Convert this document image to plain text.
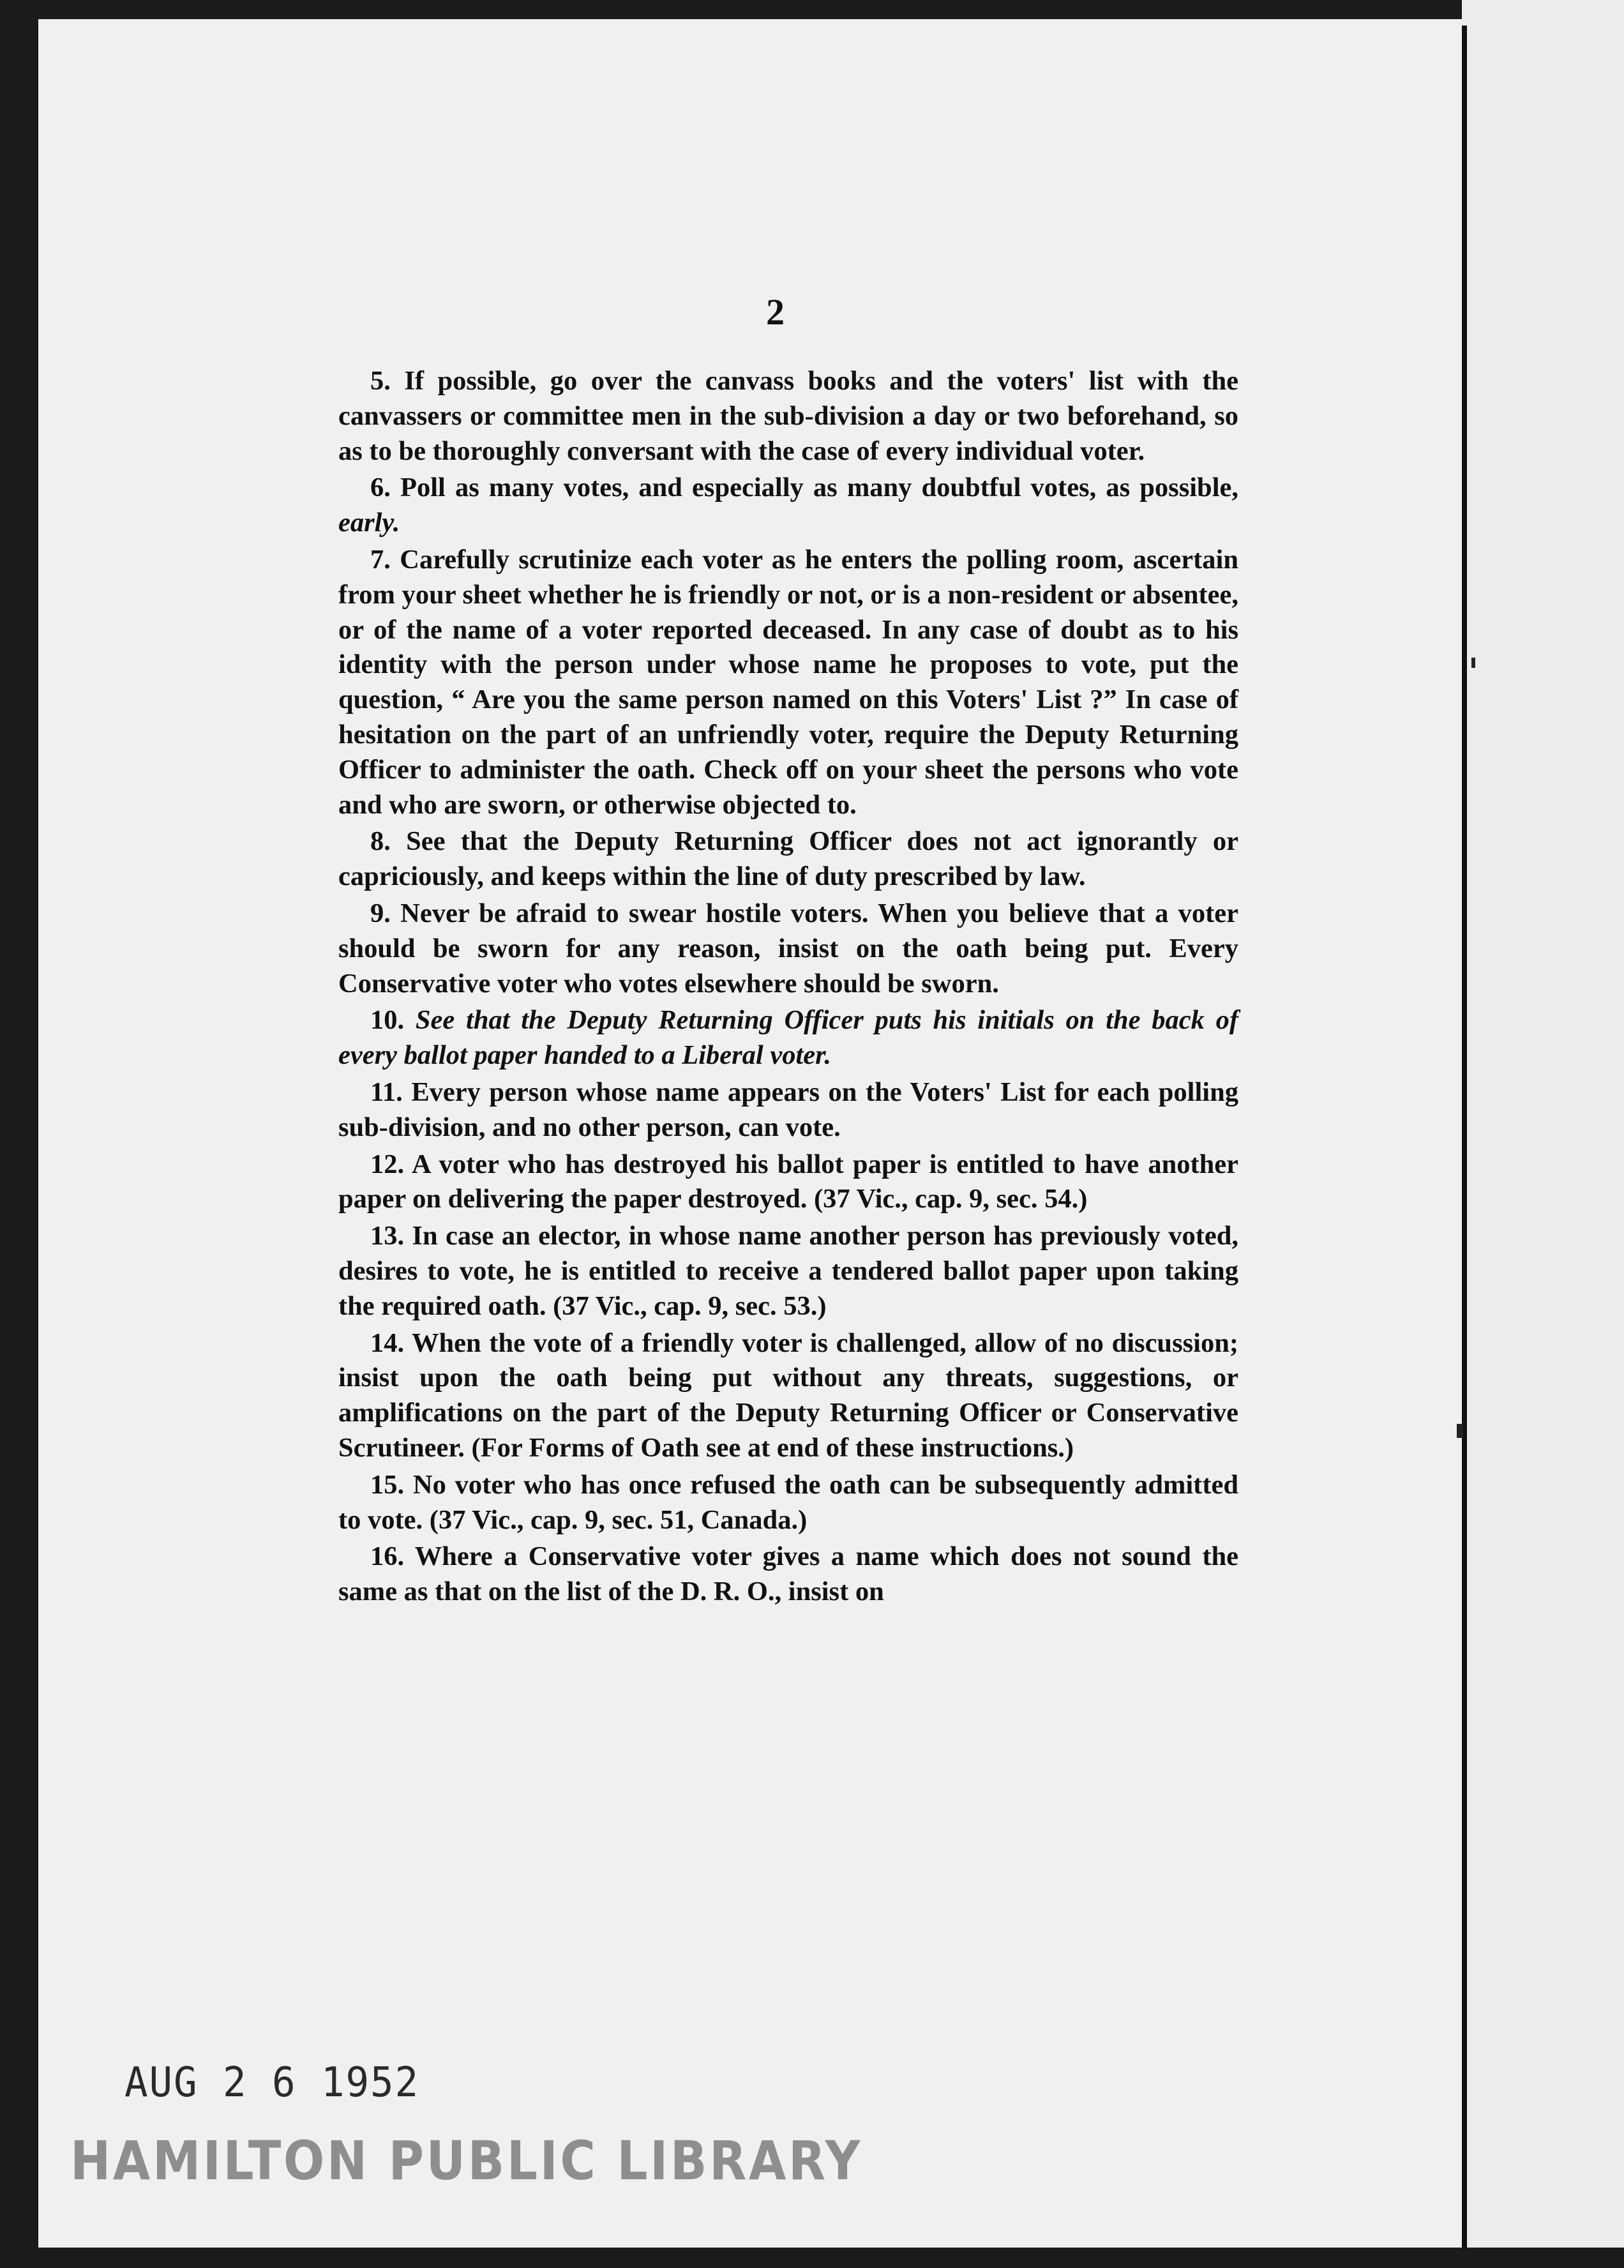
2

5. If possible, go over the canvass books and the voters' list with the canvassers or committee men in the sub-division a day or two beforehand, so as to be thoroughly conversant with the case of every individual voter.

6. Poll as many votes, and especially as many doubtful votes, as possible, early.

7. Carefully scrutinize each voter as he enters the polling room, ascertain from your sheet whether he is friendly or not, or is a non-resident or absentee, or of the name of a voter reported deceased. In any case of doubt as to his identity with the person under whose name he proposes to vote, put the question, “ Are you the same person named on this Voters' List ?” In case of hesitation on the part of an unfriendly voter, require the Deputy Returning Officer to administer the oath. Check off on your sheet the persons who vote and who are sworn, or otherwise objected to.

8. See that the Deputy Returning Officer does not act ignorantly or capriciously, and keeps within the line of duty prescribed by law.

9. Never be afraid to swear hostile voters. When you believe that a voter should be sworn for any reason, insist on the oath being put. Every Conservative voter who votes elsewhere should be sworn.

10. See that the Deputy Returning Officer puts his initials on the back of every ballot paper handed to a Liberal voter.

11. Every person whose name appears on the Voters' List for each polling sub-division, and no other person, can vote.

12. A voter who has destroyed his ballot paper is entitled to have another paper on delivering the paper destroyed. (37 Vic., cap. 9, sec. 54.)

13. In case an elector, in whose name another person has previously voted, desires to vote, he is entitled to receive a tendered ballot paper upon taking the required oath. (37 Vic., cap. 9, sec. 53.)

14. When the vote of a friendly voter is challenged, allow of no discussion; insist upon the oath being put without any threats, suggestions, or amplifications on the part of the Deputy Returning Officer or Conservative Scrutineer. (For Forms of Oath see at end of these instructions.)

15. No voter who has once refused the oath can be subsequently admitted to vote. (37 Vic., cap. 9, sec. 51, Canada.)

16. Where a Conservative voter gives a name which does not sound the same as that on the list of the D. R. O., insist on

AUG 2 6 1952
HAMILTON PUBLIC LIBRARY
